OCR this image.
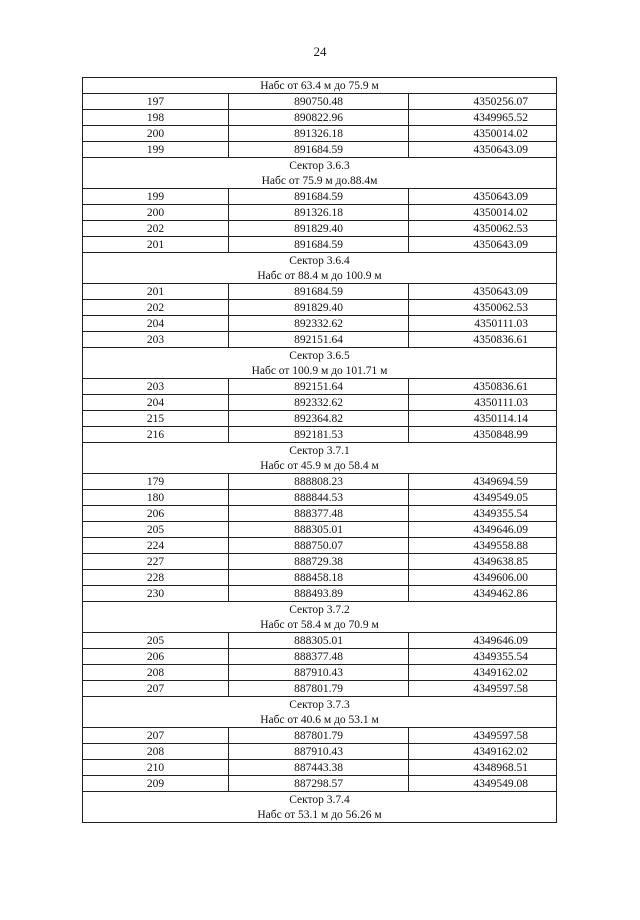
24
Набс от 63.4 м до 75.9 м		
197	890750.48	4350256.07
198	890822.96	4349965.52
200	891326.18	4350014.02
199	891684.59	4350643.09
Сектор 3.6.3		
Набс от 75.9 м до.88.4м		
199	891684.59	4350643.09
200	891326.18	4350014.02
202	891829.40	4350062.53
201	891684.59	4350643.09
Сектор 3.6.4		
Набс от 88.4 м до 100.9 м		
201	891684.59	4350643.09
202	891829.40	4350062.53
204	892332.62	4350111.03
203	892151.64	4350836.61
Сектор 3.6.5		
Набс от 100.9 м до 101.71 м		
203	892151.64	4350836.61
204	892332.62	4350111.03
215	892364.82	4350114.14
216	892181.53	4350848.99
Сектор 3.7.1		
Набс от 45.9 м до 58.4 м		
179	888808.23	4349694.59
180	888844.53	4349549.05
206	888377.48	4349355.54
205	888305.01	4349646.09
224	888750.07	4349558.88
227	888729.38	4349638.85
228	888458.18	4349606.00
230	888493.89	4349462.86
Сектор 3.7.2		
Набс от 58.4 м до 70.9 м		
205	888305.01	4349646.09
206	888377.48	4349355.54
208	887910.43	4349162.02
207	887801.79	4349597.58
Сектор 3.7.3		
Набс от 40.6 м до 53.1 м		
207	887801.79	4349597.58
208	887910.43	4349162.02
210	887443.38	4348968.51
209	887298.57	4349549.08
Сектор 3.7.4		
Набс от 53.1 м до 56.26 м		
